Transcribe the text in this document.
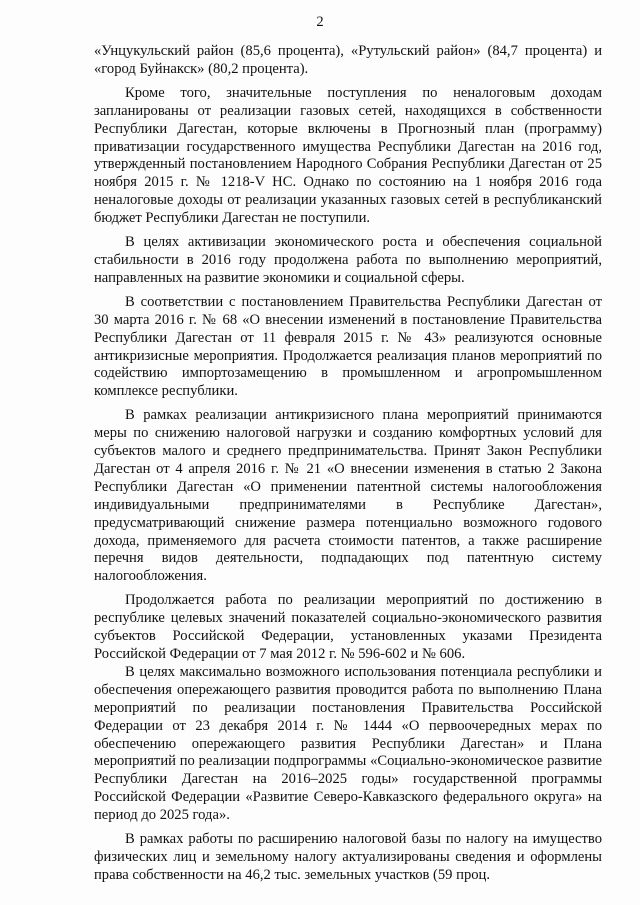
2

«Унцукульский район (85,6 процента), «Рутульский район» (84,7 процента) и «город Буйнакск» (80,2 процента).

Кроме того, значительные поступления по неналоговым доходам запланированы от реализации газовых сетей, находящихся в собственности Республики Дагестан, которые включены в Прогнозный план (программу) приватизации государственного имущества Республики Дагестан на 2016 год, утвержденный постановлением Народного Собрания Республики Дагестан от 25 ноября 2015 г. № 1218-V НС. Однако по состоянию на 1 ноября 2016 года неналоговые доходы от реализации указанных газовых сетей в республиканский бюджет Республики Дагестан не поступили.

В целях активизации экономического роста и обеспечения социальной стабильности в 2016 году продолжена работа по выполнению мероприятий, направленных на развитие экономики и социальной сферы.

В соответствии с постановлением Правительства Республики Дагестан от 30 марта 2016 г. № 68 «О внесении изменений в постановление Правительства Республики Дагестан от 11 февраля 2015 г. № 43» реализуются основные антикризисные мероприятия. Продолжается реализация планов мероприятий по содействию импортозамещению в промышленном и агропромышленном комплексе республики.

В рамках реализации антикризисного плана мероприятий принимаются меры по снижению налоговой нагрузки и созданию комфортных условий для субъектов малого и среднего предпринимательства. Принят Закон Республики Дагестан от 4 апреля 2016 г. № 21 «О внесении изменения в статью 2 Закона Республики Дагестан «О применении патентной системы налогообложения индивидуальными предпринимателями в Республике Дагестан», предусматривающий снижение размера потенциально возможного годового дохода, применяемого для расчета стоимости патентов, а также расширение перечня видов деятельности, подпадающих под патентную систему налогообложения.

Продолжается работа по реализации мероприятий по достижению в республике целевых значений показателей социально-экономического развития субъектов Российской Федерации, установленных указами Президента Российской Федерации от 7 мая 2012 г. № 596-602 и № 606.

В целях максимально возможного использования потенциала республики и обеспечения опережающего развития проводится работа по выполнению Плана мероприятий по реализации постановления Правительства Российской Федерации от 23 декабря 2014 г. № 1444 «О первоочередных мерах по обеспечению опережающего развития Республики Дагестан» и Плана мероприятий по реализации подпрограммы «Социально-экономическое развитие Республики Дагестан на 2016–2025 годы» государственной программы Российской Федерации «Развитие Северо-Кавказского федерального округа» на период до 2025 года».

В рамках работы по расширению налоговой базы по налогу на имущество физических лиц и земельному налогу актуализированы сведения и оформлены права собственности на 46,2 тыс. земельных участков (59 проц.
